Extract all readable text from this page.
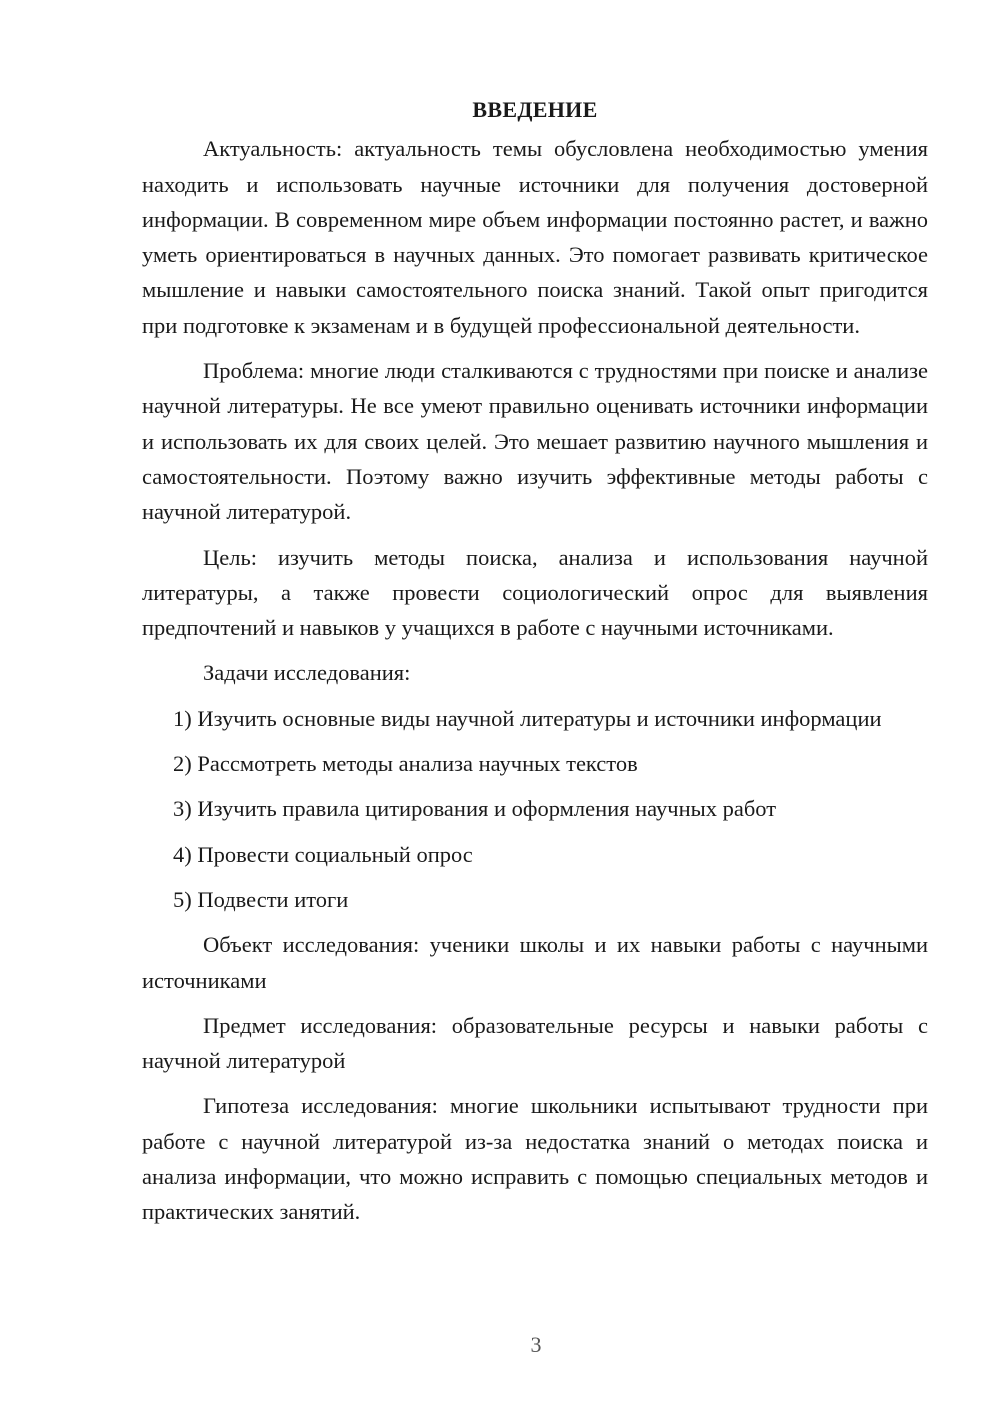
ВВЕДЕНИЕ

Актуальность: актуальность темы обусловлена необходимостью умения находить и использовать научные источники для получения достоверной информации. В современном мире объем информации постоянно растет, и важно уметь ориентироваться в научных данных. Это помогает развивать критическое мышление и навыки самостоятельного поиска знаний. Такой опыт пригодится при подготовке к экзаменам и в будущей профессиональной деятельности.

Проблема: многие люди сталкиваются с трудностями при поиске и анализе научной литературы. Не все умеют правильно оценивать источники информации и использовать их для своих целей. Это мешает развитию научного мышления и самостоятельности. Поэтому важно изучить эффективные методы работы с научной литературой.

Цель: изучить методы поиска, анализа и использования научной литературы, а также провести социологический опрос для выявления предпочтений и навыков у учащихся в работе с научными источниками.

Задачи исследования:

1) Изучить основные виды научной литературы и источники информации

2) Рассмотреть методы анализа научных текстов

3) Изучить правила цитирования и оформления научных работ

4) Провести социальный опрос

5) Подвести итоги

Объект исследования: ученики школы и их навыки работы с научными источниками

Предмет исследования: образовательные ресурсы и навыки работы с научной литературой

Гипотеза исследования: многие школьники испытывают трудности при работе с научной литературой из-за недостатка знаний о методах поиска и анализа информации, что можно исправить с помощью специальных методов и практических занятий.

3
